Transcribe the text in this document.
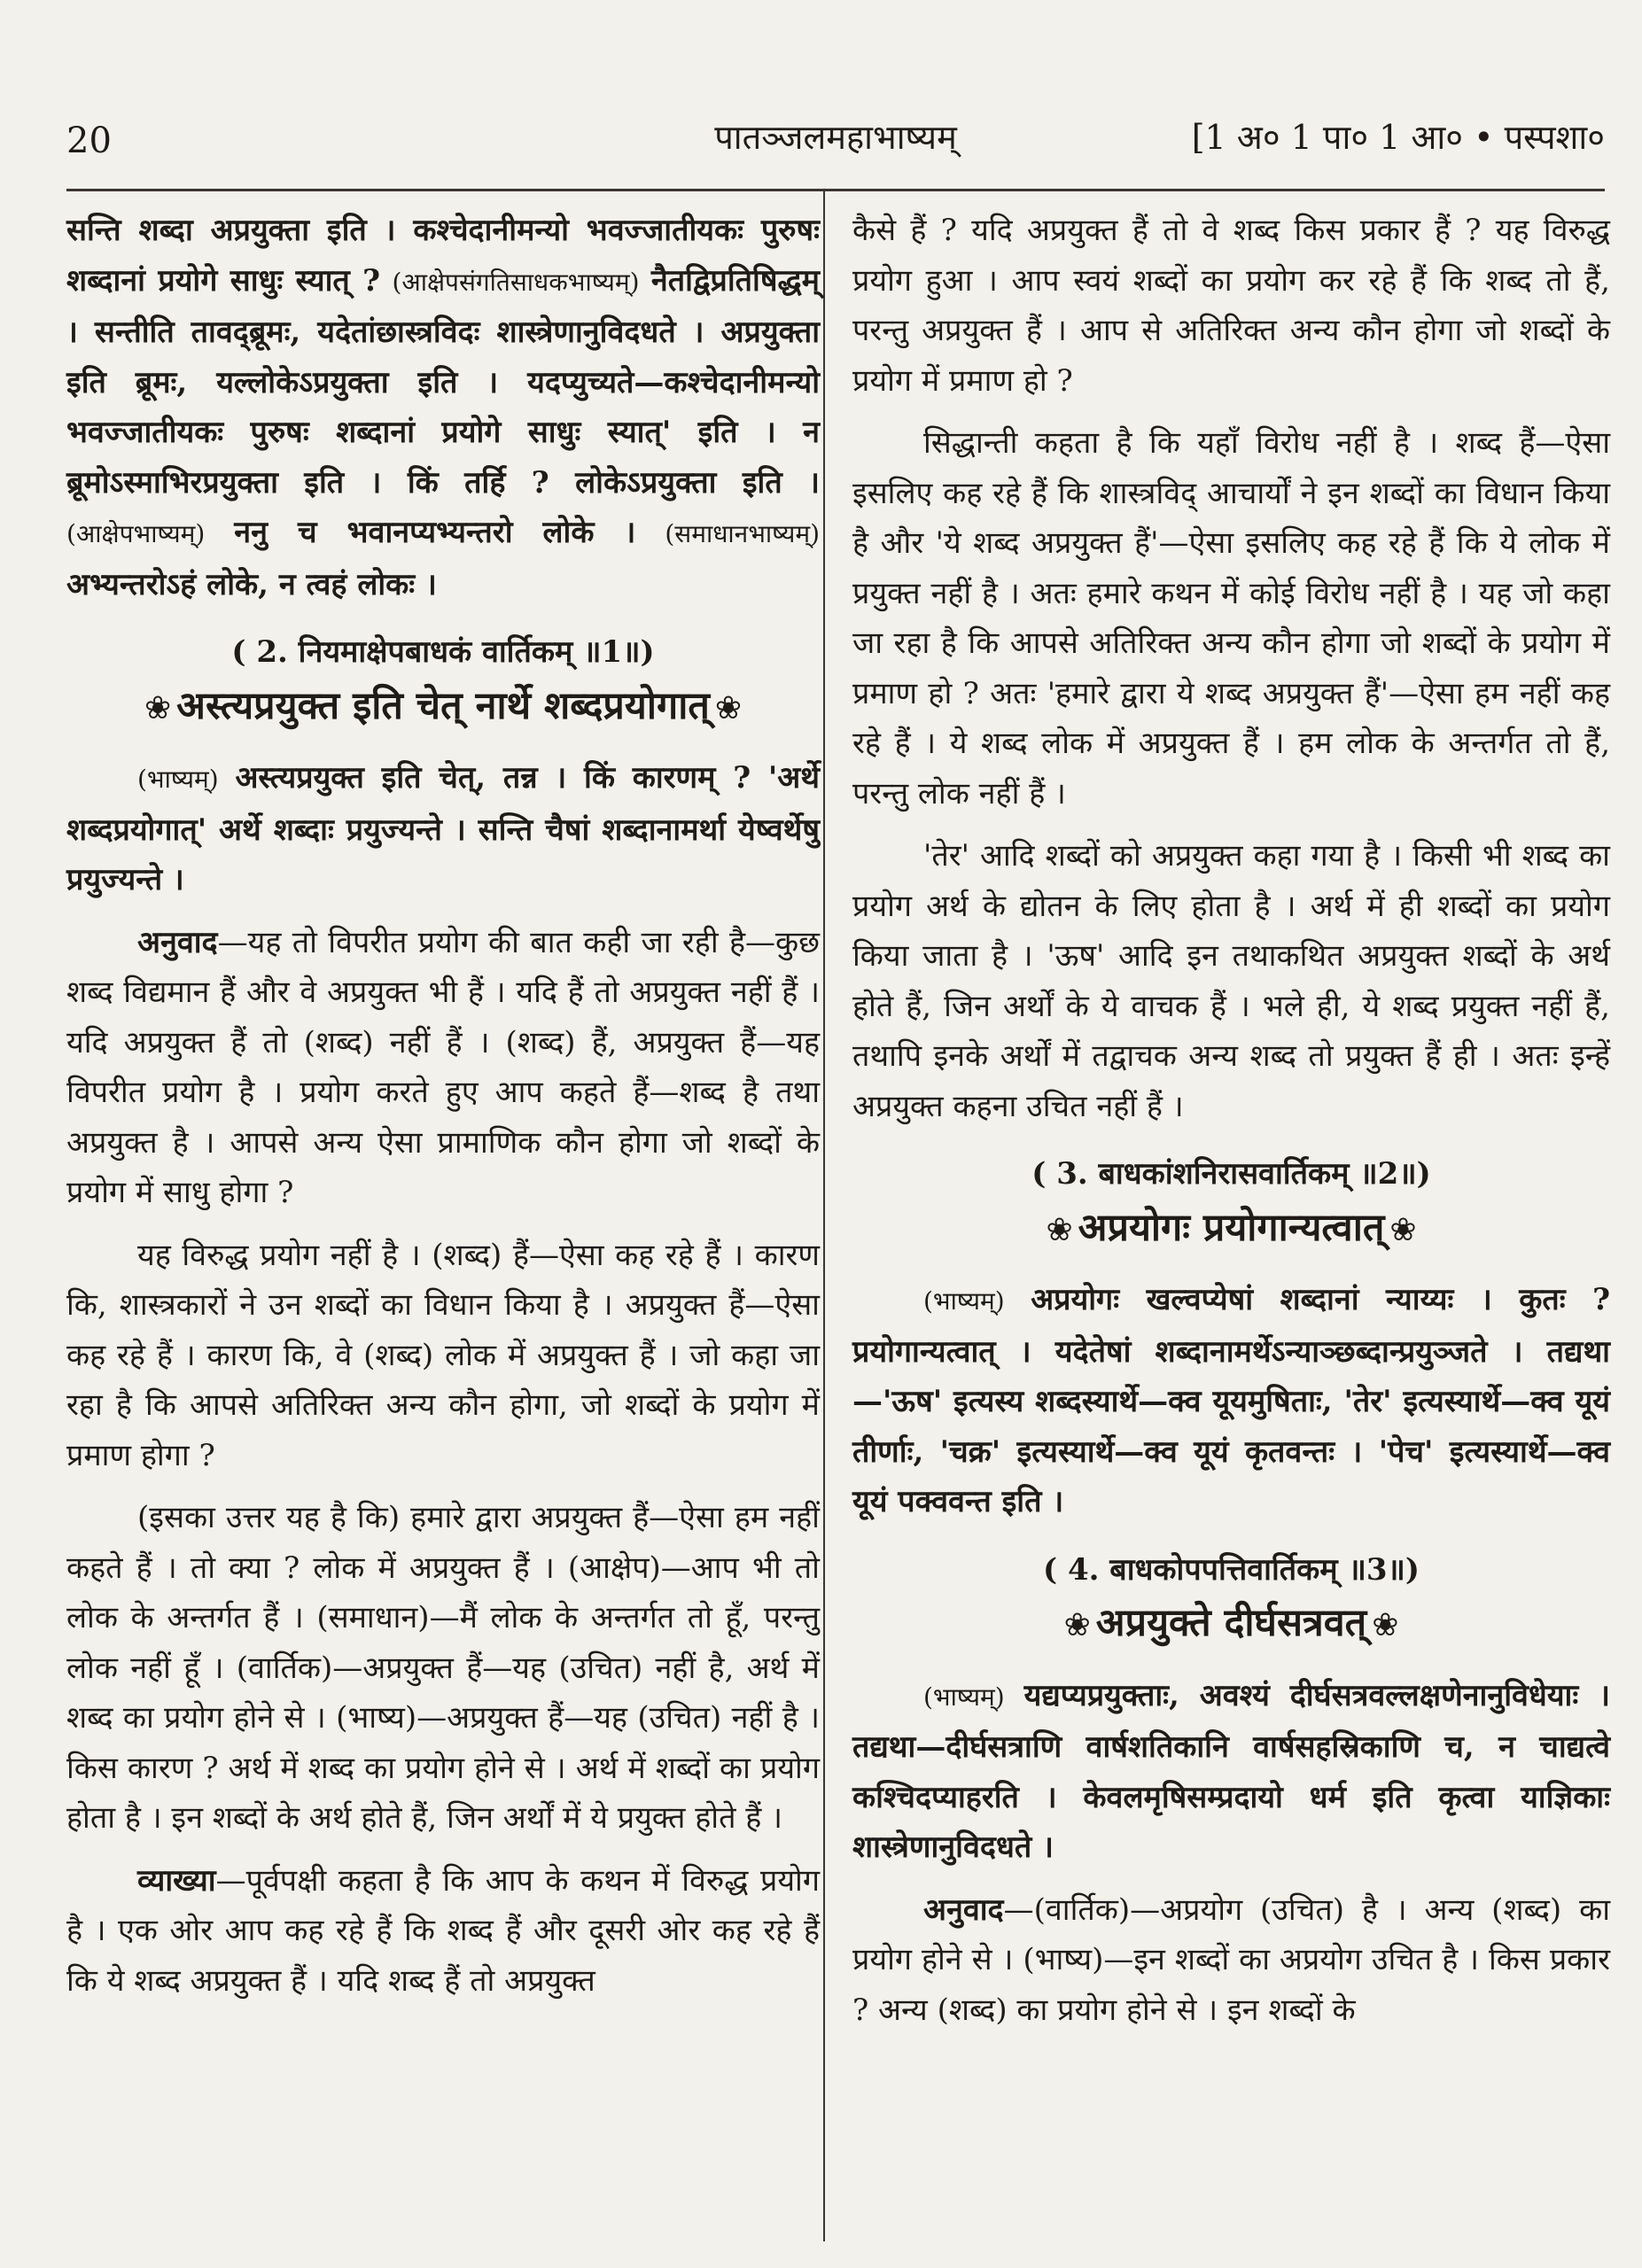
20	पातञ्जलमहाभाष्यम्	[1 अ० 1 पा० 1 आ० • पस्पशा०

सन्ति शब्दा अप्रयुक्ता इति । कश्चेदानीमन्यो भवज्जातीयकः पुरुषः शब्दानां प्रयोगे साधुः स्यात् ? (आक्षेपसंगतिसाधकभाष्यम्) नैतद्विप्रतिषिद्धम् । सन्तीति तावद्ब्रूमः, यदेतांछास्त्रविदः शास्त्रेणानुविदधते । अप्रयुक्ता इति ब्रूमः, यल्लोकेऽप्रयुक्ता इति । यदप्युच्यते—कश्चेदानीमन्यो भवज्जातीयकः पुरुषः शब्दानां प्रयोगे साधुः स्यात्' इति । न ब्रूमोऽस्माभिरप्रयुक्ता इति । किं तर्हि ? लोकेऽप्रयुक्ता इति । (आक्षेपभाष्यम्) ननु च भवानप्यभ्यन्तरो लोके । (समाधानभाष्यम्) अभ्यन्तरोऽहं लोके, न त्वहं लोकः ।

( 2. नियमाक्षेपबाधकं वार्तिकम् ॥1॥)
❀ अस्त्यप्रयुक्त इति चेत् नार्थे शब्दप्रयोगात् ❀

(भाष्यम्) अस्त्यप्रयुक्त इति चेत्, तन्न । किं कारणम् ? 'अर्थे शब्दप्रयोगात्' अर्थे शब्दाः प्रयुज्यन्ते । सन्ति चैषां शब्दानामर्था येष्वर्थेषु प्रयुज्यन्ते ।

अनुवाद—यह तो विपरीत प्रयोग की बात कही जा रही है—कुछ शब्द विद्यमान हैं और वे अप्रयुक्त भी हैं । यदि हैं तो अप्रयुक्त नहीं हैं । यदि अप्रयुक्त हैं तो (शब्द) नहीं हैं । (शब्द) हैं, अप्रयुक्त हैं—यह विपरीत प्रयोग है । प्रयोग करते हुए आप कहते हैं—शब्द है तथा अप्रयुक्त है । आपसे अन्य ऐसा प्रामाणिक कौन होगा जो शब्दों के प्रयोग में साधु होगा ?

यह विरुद्ध प्रयोग नहीं है । (शब्द) हैं—ऐसा कह रहे हैं । कारण कि, शास्त्रकारों ने उन शब्दों का विधान किया है । अप्रयुक्त हैं—ऐसा कह रहे हैं । कारण कि, वे (शब्द) लोक में अप्रयुक्त हैं । जो कहा जा रहा है कि आपसे अतिरिक्त अन्य कौन होगा, जो शब्दों के प्रयोग में प्रमाण होगा ?

(इसका उत्तर यह है कि) हमारे द्वारा अप्रयुक्त हैं—ऐसा हम नहीं कहते हैं । तो क्या ? लोक में अप्रयुक्त हैं । (आक्षेप)—आप भी तो लोक के अन्तर्गत हैं । (समाधान)—मैं लोक के अन्तर्गत तो हूँ, परन्तु लोक नहीं हूँ । (वार्तिक)—अप्रयुक्त हैं—यह (उचित) नहीं है, अर्थ में शब्द का प्रयोग होने से । (भाष्य)—अप्रयुक्त हैं—यह (उचित) नहीं है । किस कारण ? अर्थ में शब्द का प्रयोग होने से । अर्थ में शब्दों का प्रयोग होता है । इन शब्दों के अर्थ होते हैं, जिन अर्थों में ये प्रयुक्त होते हैं ।

व्याख्या—पूर्वपक्षी कहता है कि आप के कथन में विरुद्ध प्रयोग है । एक ओर आप कह रहे हैं कि शब्द हैं और दूसरी ओर कह रहे हैं कि ये शब्द अप्रयुक्त हैं । यदि शब्द हैं तो अप्रयुक्त

कैसे हैं ? यदि अप्रयुक्त हैं तो वे शब्द किस प्रकार हैं ? यह विरुद्ध प्रयोग हुआ । आप स्वयं शब्दों का प्रयोग कर रहे हैं कि शब्द तो हैं, परन्तु अप्रयुक्त हैं । आप से अतिरिक्त अन्य कौन होगा जो शब्दों के प्रयोग में प्रमाण हो ?

सिद्धान्ती कहता है कि यहाँ विरोध नहीं है । शब्द हैं—ऐसा इसलिए कह रहे हैं कि शास्त्रविद् आचार्यों ने इन शब्दों का विधान किया है और 'ये शब्द अप्रयुक्त हैं'—ऐसा इसलिए कह रहे हैं कि ये लोक में प्रयुक्त नहीं है । अतः हमारे कथन में कोई विरोध नहीं है । यह जो कहा जा रहा है कि आपसे अतिरिक्त अन्य कौन होगा जो शब्दों के प्रयोग में प्रमाण हो ? अतः 'हमारे द्वारा ये शब्द अप्रयुक्त हैं'—ऐसा हम नहीं कह रहे हैं । ये शब्द लोक में अप्रयुक्त हैं । हम लोक के अन्तर्गत तो हैं, परन्तु लोक नहीं हैं ।

'तेर' आदि शब्दों को अप्रयुक्त कहा गया है । किसी भी शब्द का प्रयोग अर्थ के द्योतन के लिए होता है । अर्थ में ही शब्दों का प्रयोग किया जाता है । 'ऊष' आदि इन तथाकथित अप्रयुक्त शब्दों के अर्थ होते हैं, जिन अर्थों के ये वाचक हैं । भले ही, ये शब्द प्रयुक्त नहीं हैं, तथापि इनके अर्थों में तद्वाचक अन्य शब्द तो प्रयुक्त हैं ही । अतः इन्हें अप्रयुक्त कहना उचित नहीं हैं ।

( 3. बाधकांशनिरासवार्तिकम् ॥2॥)
❀ अप्रयोगः प्रयोगान्यत्वात् ❀

(भाष्यम्) अप्रयोगः खल्वप्येषां शब्दानां न्याय्यः । कुतः ? प्रयोगान्यत्वात् । यदेतेषां शब्दानामर्थेऽन्याञ्छब्दान्प्रयुञ्जते । तद्यथा—'ऊष' इत्यस्य शब्दस्यार्थे—क्व यूयमुषिताः, 'तेर' इत्यस्यार्थे—क्व यूयं तीर्णाः, 'चक्र' इत्यस्यार्थे—क्व यूयं कृतवन्तः । 'पेच' इत्यस्यार्थे—क्व यूयं पक्ववन्त इति ।

( 4. बाधकोपपत्तिवार्तिकम् ॥3॥)
❀ अप्रयुक्ते दीर्घसत्रवत् ❀

(भाष्यम्) यद्यप्यप्रयुक्ताः, अवश्यं दीर्घसत्रवल्लक्षणेनानुविधेयाः । तद्यथा—दीर्घसत्राणि वार्षशतिकानि वार्षसहस्रिकाणि च, न चाद्यत्वे कश्चिदप्याहरति । केवलमृषिसम्प्रदायो धर्म इति कृत्वा याज्ञिकाः शास्त्रेणानुविदधते ।

अनुवाद—(वार्तिक)—अप्रयोग (उचित) है । अन्य (शब्द) का प्रयोग होने से । (भाष्य)—इन शब्दों का अप्रयोग उचित है । किस प्रकार ? अन्य (शब्द) का प्रयोग होने से । इन शब्दों के
